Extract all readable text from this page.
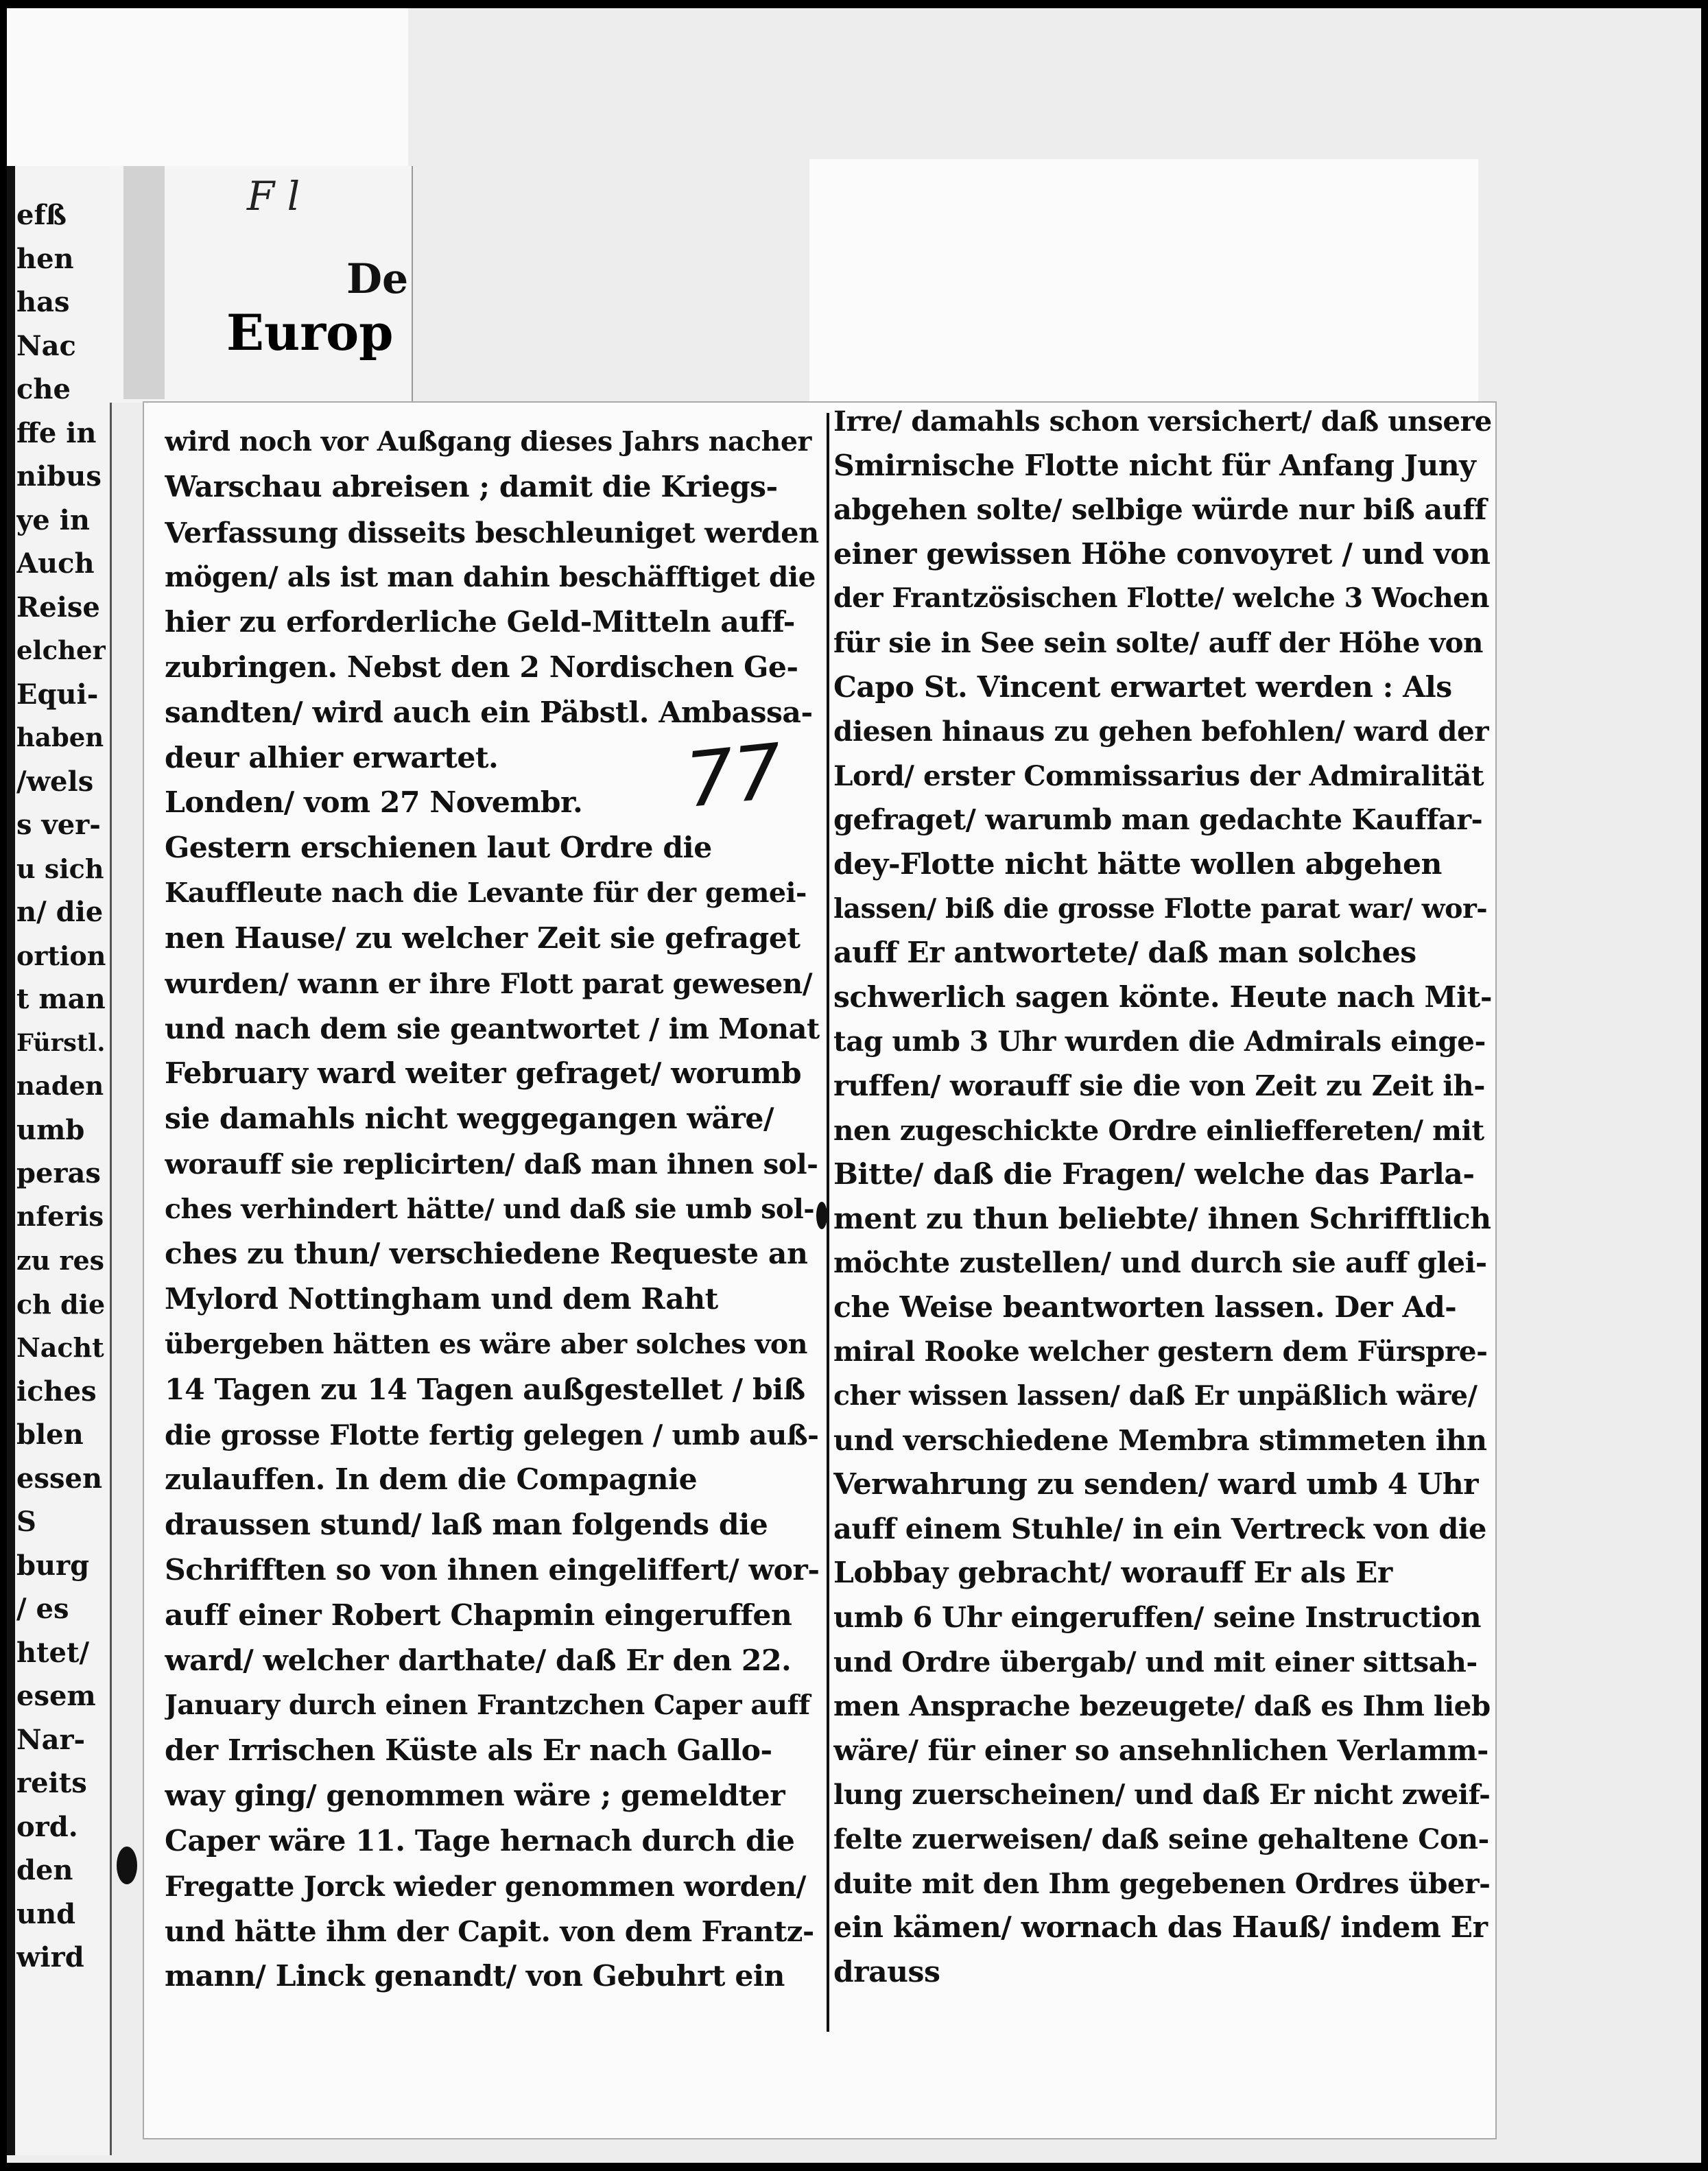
efß
hen
has
Nac
che
ffe in
nibus
ye in
Auch
Reise
elcher
Equi-
haben
/wels
s ver-
u sich
n/ die
ortion
t man
Fürstl.
naden
umb
peras
nferis
zu res
ch die
Nacht
iches
blen
essen
S
burg
/ es
htet/
esem
Nar-
reits
ord.
den
und
wird
F l
De
Europ
wird noch vor Außgang dieses Jahrs nacher
Warschau abreisen ; damit die Kriegs-
Verfassung disseits beschleuniget werden
mögen/ als ist man dahin beschäfftiget die
hier zu erforderliche Geld-Mitteln auff-
zubringen. Nebst den 2 Nordischen Ge-
sandten/ wird auch ein Päbstl. Ambassa-
deur alhier erwartet.
Londen/ vom 27 Novembr.
Gestern erschienen laut Ordre die
Kauffleute nach die Levante für der gemei-
nen Hause/ zu welcher Zeit sie gefraget
wurden/ wann er ihre Flott parat gewesen/
und nach dem sie geantwortet / im Monat
February ward weiter gefraget/ worumb
sie damahls nicht weggegangen wäre/
worauff sie replicirten/ daß man ihnen sol-
ches verhindert hätte/ und daß sie umb sol-
ches zu thun/ verschiedene Requeste an
Mylord Nottingham und dem Raht
übergeben hätten es wäre aber solches von
14 Tagen zu 14 Tagen außgestellet / biß
die grosse Flotte fertig gelegen / umb auß-
zulauffen. In dem die Compagnie
draussen stund/ laß man folgends die
Schrifften so von ihnen eingeliffert/ wor-
auff einer Robert Chapmin eingeruffen
ward/ welcher darthate/ daß Er den 22.
January durch einen Frantzchen Caper auff
der Irrischen Küste als Er nach Gallo-
way ging/ genommen wäre ; gemeldter
Caper wäre 11. Tage hernach durch die
Fregatte Jorck wieder genommen worden/
und hätte ihm der Capit. von dem Frantz-
mann/ Linck genandt/ von Gebuhrt ein
Irre/ damahls schon versichert/ daß unsere
Smirnische Flotte nicht für Anfang Juny
abgehen solte/ selbige würde nur biß auff
einer gewissen Höhe convoyret / und von
der Frantzösischen Flotte/ welche 3 Wochen
für sie in See sein solte/ auff der Höhe von
Capo St. Vincent erwartet werden : Als
diesen hinaus zu gehen befohlen/ ward der
Lord/ erster Commissarius der Admiralität
gefraget/ warumb man gedachte Kauffar-
dey-Flotte nicht hätte wollen abgehen
lassen/ biß die grosse Flotte parat war/ wor-
auff Er antwortete/ daß man solches
schwerlich sagen könte. Heute nach Mit-
tag umb 3 Uhr wurden die Admirals einge-
ruffen/ worauff sie die von Zeit zu Zeit ih-
nen zugeschickte Ordre einlieffereten/ mit
Bitte/ daß die Fragen/ welche das Parla-
ment zu thun beliebte/ ihnen Schrifftlich
möchte zustellen/ und durch sie auff glei-
che Weise beantworten lassen. Der Ad-
miral Rooke welcher gestern dem Fürspre-
cher wissen lassen/ daß Er unpäßlich wäre/
und verschiedene Membra stimmeten ihn
Verwahrung zu senden/ ward umb 4 Uhr
auff einem Stuhle/ in ein Vertreck von die
Lobbay gebracht/ worauff Er als Er
umb 6 Uhr eingeruffen/ seine Instruction
und Ordre übergab/ und mit einer sittsah-
men Ansprache bezeugete/ daß es Ihm lieb
wäre/ für einer so ansehnlichen Verlamm-
lung zuerscheinen/ und daß Er nicht zweif-
felte zuerweisen/ daß seine gehaltene Con-
duite mit den Ihm gegebenen Ordres über-
ein kämen/ wornach das Hauß/ indem Er
drauss
77
